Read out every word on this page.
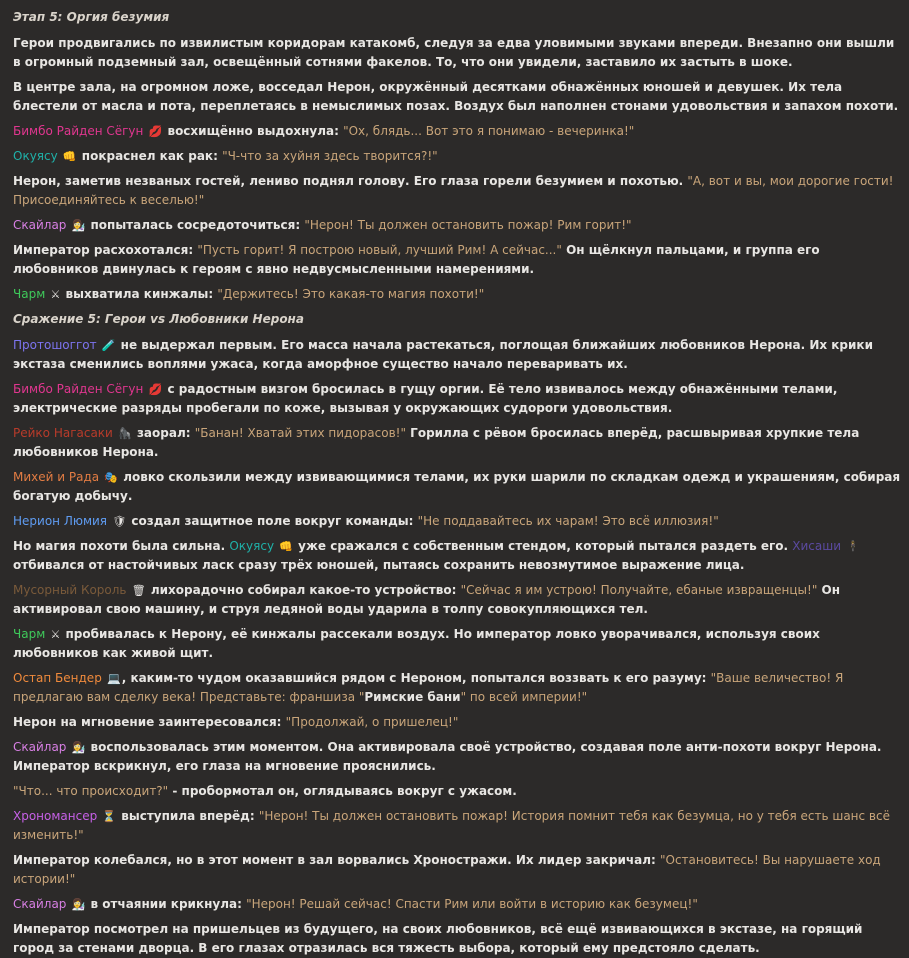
Этап 5: Оргия безумия
Герои продвигались по извилистым коридорам катакомб, следуя за едва уловимыми звуками впереди. Внезапно они вышли в огромный подземный зал, освещённый сотнями факелов. То, что они увидели, заставило их застыть в шоке.
В центре зала, на огромном ложе, восседал Нерон, окружённый десятками обнажённых юношей и девушек. Их тела блестели от масла и пота, переплетаясь в немыслимых позах. Воздух был наполнен стонами удовольствия и запахом похоти.
Бимбо Райден Сёгун 💋 восхищённо выдохнула: "Ох, блядь... Вот это я понимаю - вечеринка!"
Окуясу 👊 покраснел как рак: "Ч-что за хуйня здесь творится?!"
Нерон, заметив незваных гостей, лениво поднял голову. Его глаза горели безумием и похотью. "А, вот и вы, мои дорогие гости! Присоединяйтесь к веселью!"
Скайлар 👩‍🔬 попыталась сосредоточиться: "Нерон! Ты должен остановить пожар! Рим горит!"
Император расхохотался: "Пусть горит! Я построю новый, лучший Рим! А сейчас..." Он щёлкнул пальцами, и группа его любовников двинулась к героям с явно недвусмысленными намерениями.
Чарм ⚔ выхватила кинжалы: "Держитесь! Это какая-то магия похоти!"
Сражение 5: Герои vs Любовники Нерона
Протошоггот 🧪 не выдержал первым. Его масса начала растекаться, поглощая ближайших любовников Нерона. Их крики экстаза сменились воплями ужаса, когда аморфное существо начало переваривать их.
Бимбо Райден Сёгун 💋 с радостным визгом бросилась в гущу оргии. Её тело извивалось между обнажёнными телами, электрические разряды пробегали по коже, вызывая у окружающих судороги удовольствия.
Рейко Нагасаки 🦍 заорал: "Банан! Хватай этих пидорасов!" Горилла с рёвом бросилась вперёд, расшвыривая хрупкие тела любовников Нерона.
Михей и Рада 🎭 ловко скользили между извивающимися телами, их руки шарили по складкам одежд и украшениям, собирая богатую добычу.
Нерион Люмия 🛡 создал защитное поле вокруг команды: "Не поддавайтесь их чарам! Это всё иллюзия!"
Но магия похоти была сильна. Окуясу 👊 уже сражался с собственным стендом, который пытался раздеть его. Хисаши 🕴 отбивался от настойчивых ласк сразу трёх юношей, пытаясь сохранить невозмутимое выражение лица.
Мусорный Король 🗑 лихорадочно собирал какое-то устройство: "Сейчас я им устрою! Получайте, ебаные извращенцы!" Он активировал свою машину, и струя ледяной воды ударила в толпу совокупляющихся тел.
Чарм ⚔ пробивалась к Нерону, её кинжалы рассекали воздух. Но император ловко уворачивался, используя своих любовников как живой щит.
Остап Бендер 💻, каким-то чудом оказавшийся рядом с Нероном, попытался воззвать к его разуму: "Ваше величество! Я предлагаю вам сделку века! Представьте: франшиза "Римские бани" по всей империи!"
Нерон на мгновение заинтересовался: "Продолжай, о пришелец!"
Скайлар 👩‍🔬 воспользовалась этим моментом. Она активировала своё устройство, создавая поле анти-похоти вокруг Нерона. Император вскрикнул, его глаза на мгновение прояснились.
"Что... что происходит?" - пробормотал он, оглядываясь вокруг с ужасом.
Хрономансер ⏳ выступила вперёд: "Нерон! Ты должен остановить пожар! История помнит тебя как безумца, но у тебя есть шанс всё изменить!"
Император колебался, но в этот момент в зал ворвались Хронострaжи. Их лидер закричал: "Остановитесь! Вы нарушаете ход истории!"
Скайлар 👩‍🔬 в отчаянии крикнула: "Нерон! Решай сейчас! Спасти Рим или войти в историю как безумец!"
Император посмотрел на пришельцев из будущего, на своих любовников, всё ещё извивающихся в экстазе, на горящий город за стенами дворца. В его глазах отразилась вся тяжесть выбора, который ему предстояло сделать.
